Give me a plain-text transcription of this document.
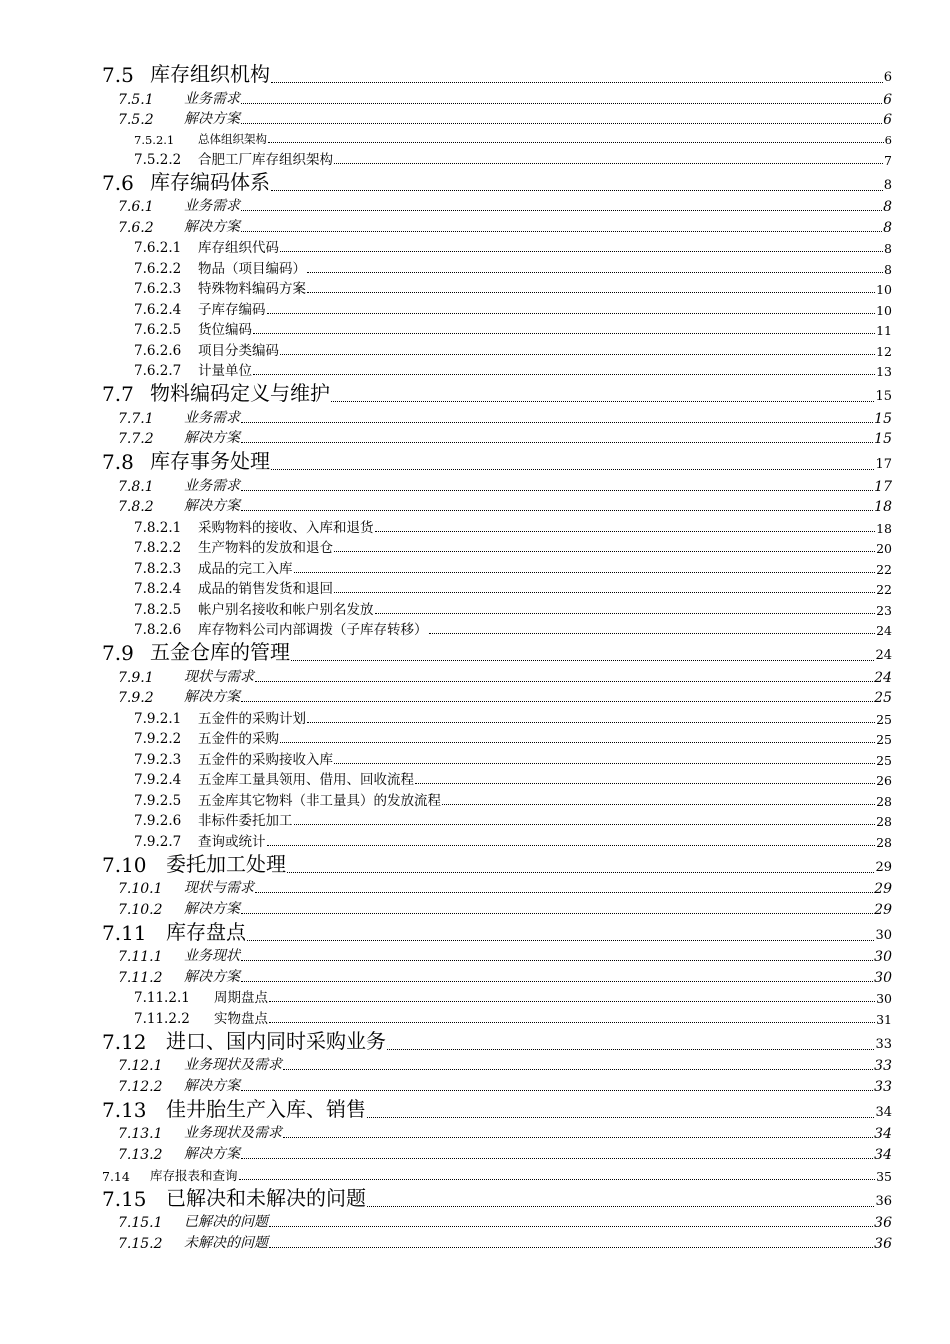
7.5 库存组织机构	6
7.5.1	业务需求	6
7.5.2	解决方案	6
7.5.2.1	总体组织架构	6
7.5.2.2	合肥工厂库存组织架构	7
7.6 库存编码体系	8
7.6.1	业务需求	8
7.6.2	解决方案	8
7.6.2.1	库存组织代码	8
7.6.2.2	物品（项目编码）	8
7.6.2.3	特殊物料编码方案	10
7.6.2.4	子库存编码	10
7.6.2.5	货位编码	11
7.6.2.6	项目分类编码	12
7.6.2.7	计量单位	13
7.7 物料编码定义与维护	15
7.7.1	业务需求	15
7.7.2	解决方案	15
7.8 库存事务处理	17
7.8.1	业务需求	17
7.8.2	解决方案	18
7.8.2.1	采购物料的接收、入库和退货	18
7.8.2.2	生产物料的发放和退仓	20
7.8.2.3	成品的完工入库	22
7.8.2.4	成品的销售发货和退回	22
7.8.2.5	帐户别名接收和帐户别名发放	23
7.8.2.6	库存物料公司内部调拨（子库存转移）	24
7.9 五金仓库的管理	24
7.9.1	现状与需求	24
7.9.2	解决方案	25
7.9.2.1	五金件的采购计划	25
7.9.2.2	五金件的采购	25
7.9.2.3	五金件的采购接收入库	25
7.9.2.4	五金库工量具领用、借用、回收流程	26
7.9.2.5	五金库其它物料（非工量具）的发放流程	28
7.9.2.6	非标件委托加工	28
7.9.2.7	查询或统计	28
7.10 委托加工处理	29
7.10.1	现状与需求	29
7.10.2	解决方案	29
7.11 库存盘点	30
7.11.1	业务现状	30
7.11.2	解决方案	30
7.11.2.1	周期盘点	30
7.11.2.2	实物盘点	31
7.12 进口、国内同时采购业务	33
7.12.1	业务现状及需求	33
7.12.2	解决方案	33
7.13 佳井胎生产入库、销售	34
7.13.1	业务现状及需求	34
7.13.2	解决方案	34
7.14	库存报表和查询	35
7.15 已解决和未解决的问题	36
7.15.1	已解决的问题	36
7.15.2	未解决的问题	36
